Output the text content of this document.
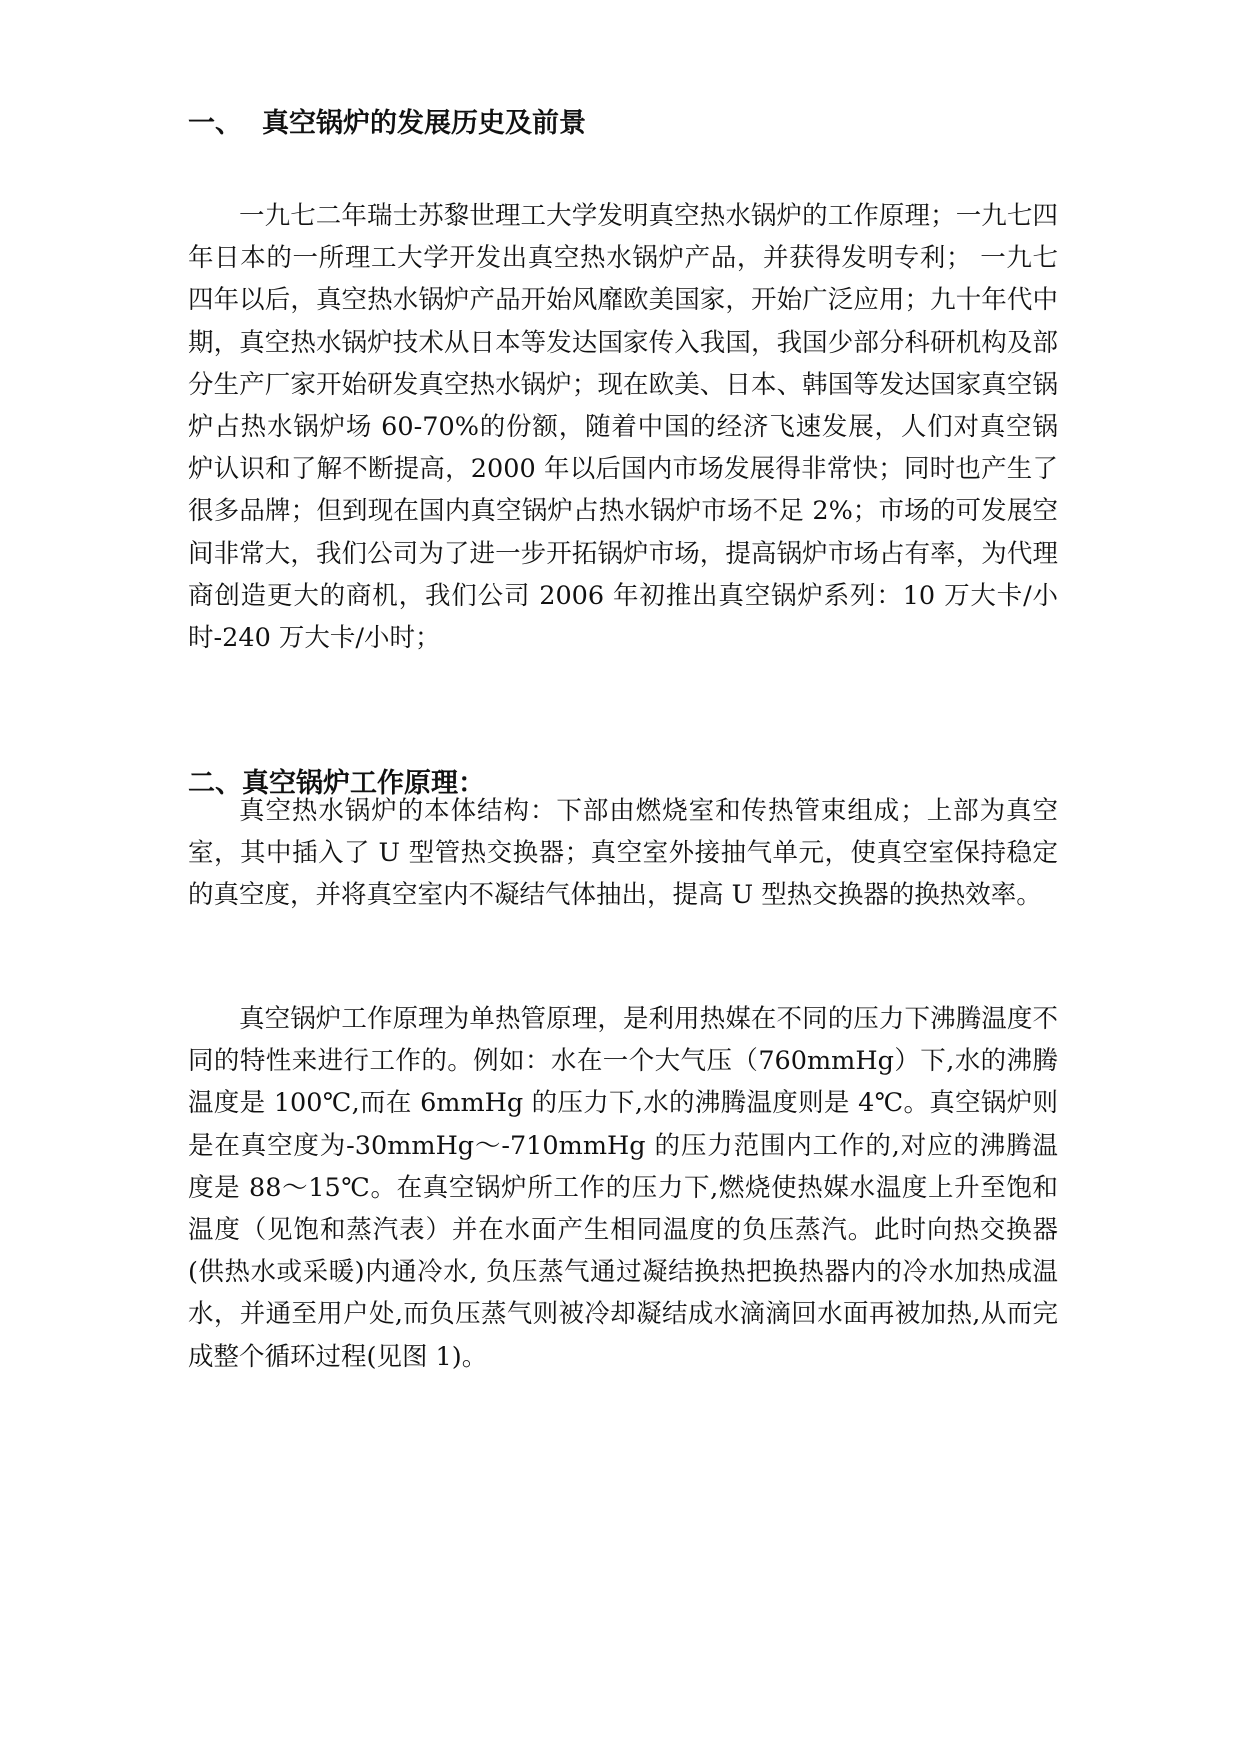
一、 真空锅炉的发展历史及前景

一九七二年瑞士苏黎世理工大学发明真空热水锅炉的工作原理；一九七四年日本的一所理工大学开发出真空热水锅炉产品，并获得发明专利； 一九七四年以后，真空热水锅炉产品开始风靡欧美国家，开始广泛应用；九十年代中期，真空热水锅炉技术从日本等发达国家传入我国，我国少部分科研机构及部分生产厂家开始研发真空热水锅炉；现在欧美、日本、韩国等发达国家真空锅炉占热水锅炉场 60-70%的份额，随着中国的经济飞速发展，人们对真空锅炉认识和了解不断提高，2000 年以后国内市场发展得非常快；同时也产生了很多品牌；但到现在国内真空锅炉占热水锅炉市场不足 2%；市场的可发展空间非常大，我们公司为了进一步开拓锅炉市场，提高锅炉市场占有率，为代理商创造更大的商机，我们公司 2006 年初推出真空锅炉系列：10 万大卡/小时-240 万大卡/小时；

二、真空锅炉工作原理：

真空热水锅炉的本体结构：下部由燃烧室和传热管束组成；上部为真空室，其中插入了 U 型管热交换器；真空室外接抽气单元，使真空室保持稳定的真空度，并将真空室内不凝结气体抽出，提高 U 型热交换器的换热效率。

真空锅炉工作原理为单热管原理，是利用热媒在不同的压力下沸腾温度不同的特性来进行工作的。例如：水在一个大气压（760mmHg）下,水的沸腾温度是 100℃,而在 6mmHg 的压力下,水的沸腾温度则是 4℃。真空锅炉则是在真空度为-30mmHg～-710mmHg 的压力范围内工作的,对应的沸腾温度是 88～15℃。在真空锅炉所工作的压力下,燃烧使热媒水温度上升至饱和温度（见饱和蒸汽表）并在水面产生相同温度的负压蒸汽。此时向热交换器(供热水或采暖)内通冷水, 负压蒸气通过凝结换热把换热器内的冷水加热成温水，并通至用户处,而负压蒸气则被冷却凝结成水滴滴回水面再被加热,从而完成整个循环过程(见图 1)。
